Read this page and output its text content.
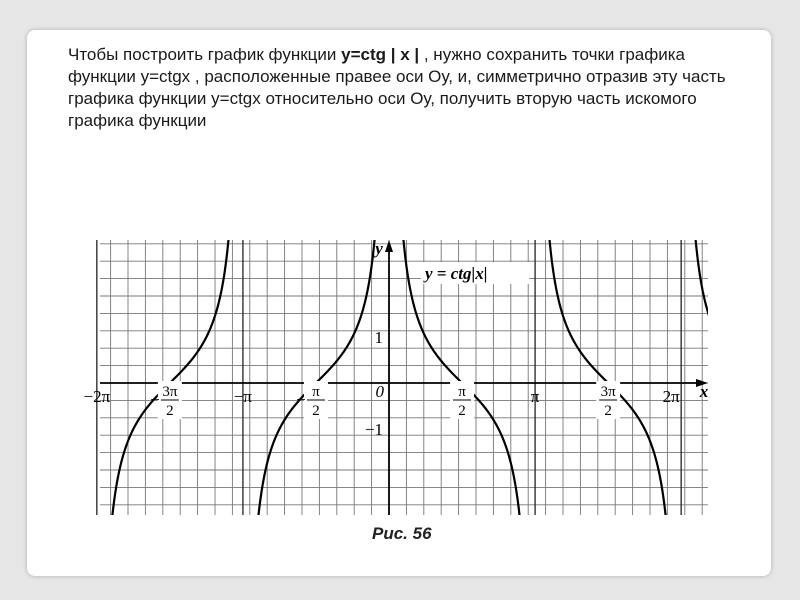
Чтобы построить график функции y=ctg | x | , нужно сохранить точки графика функции y=ctgx , расположенные правее оси Оу, и, симметрично отразив эту часть графика функции y=ctgx относительно оси Оу, получить вторую часть искомого графика функции
−2π − 3π
2
−π	− π
2
π
2
π	3π
2
2π
1
−1
0	x
y
y = ctg|x|
Рис. 56
